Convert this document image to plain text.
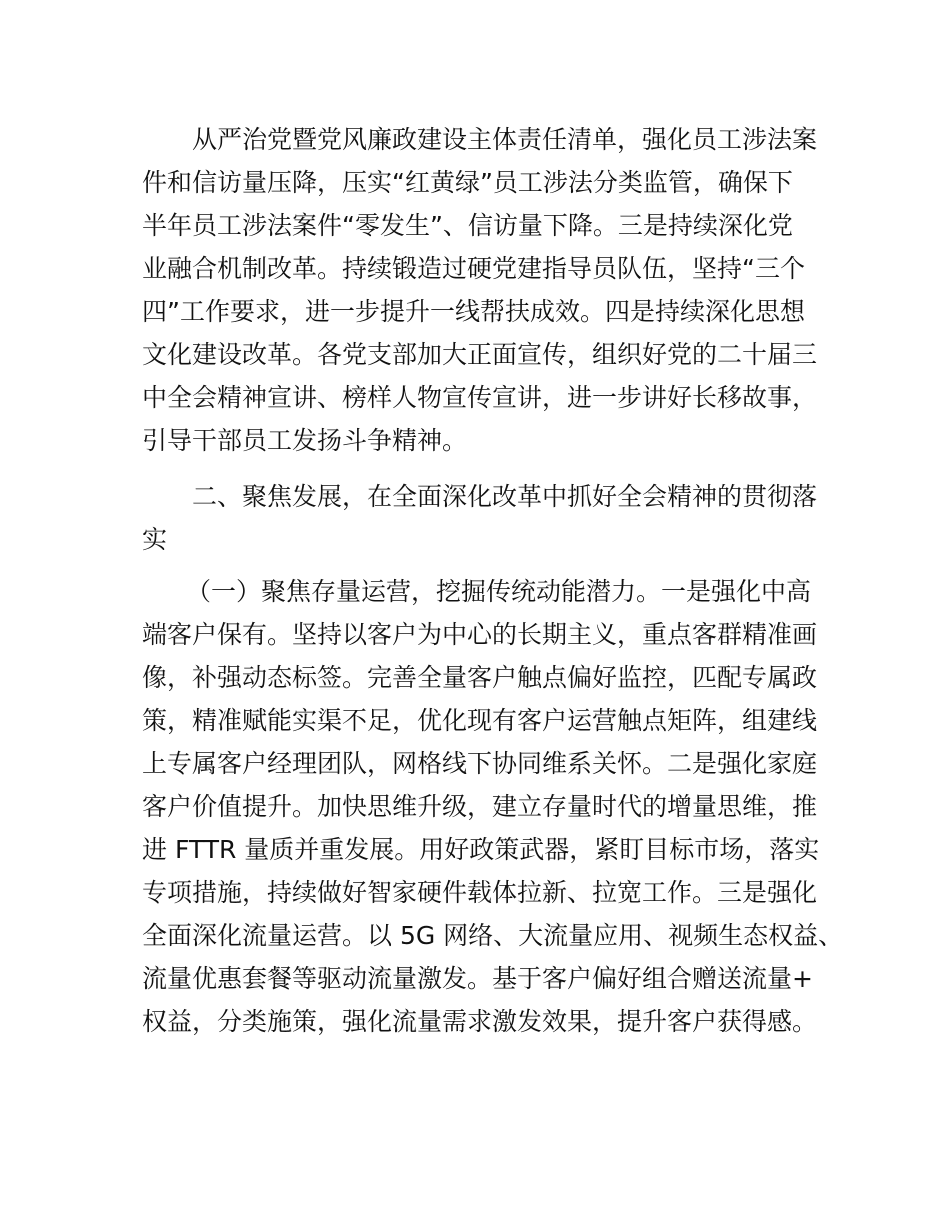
从严治党暨党风廉政建设主体责任清单，强化员工涉法案
件和信访量压降，压实“红黄绿”员工涉法分类监管，确保下
半年员工涉法案件“零发生”、信访量下降。三是持续深化党
业融合机制改革。持续锻造过硬党建指导员队伍，坚持“三个
四”工作要求，进一步提升一线帮扶成效。四是持续深化思想
文化建设改革。各党支部加大正面宣传，组织好党的二十届三
中全会精神宣讲、榜样人物宣传宣讲，进一步讲好长移故事，
引导干部员工发扬斗争精神。
二、聚焦发展，在全面深化改革中抓好全会精神的贯彻落
实
（一）聚焦存量运营，挖掘传统动能潜力。一是强化中高
端客户保有。坚持以客户为中心的长期主义，重点客群精准画
像，补强动态标签。完善全量客户触点偏好监控，匹配专属政
策，精准赋能实渠不足，优化现有客户运营触点矩阵，组建线
上专属客户经理团队，网格线下协同维系关怀。二是强化家庭
客户价值提升。加快思维升级，建立存量时代的增量思维，推
进 FTTR 量质并重发展。用好政策武器，紧盯目标市场，落实
专项措施，持续做好智家硬件载体拉新、拉宽工作。三是强化
全面深化流量运营。以 5G 网络、大流量应用、视频生态权益、
流量优惠套餐等驱动流量激发。基于客户偏好组合赠送流量+
权益，分类施策，强化流量需求激发效果，提升客户获得感。
